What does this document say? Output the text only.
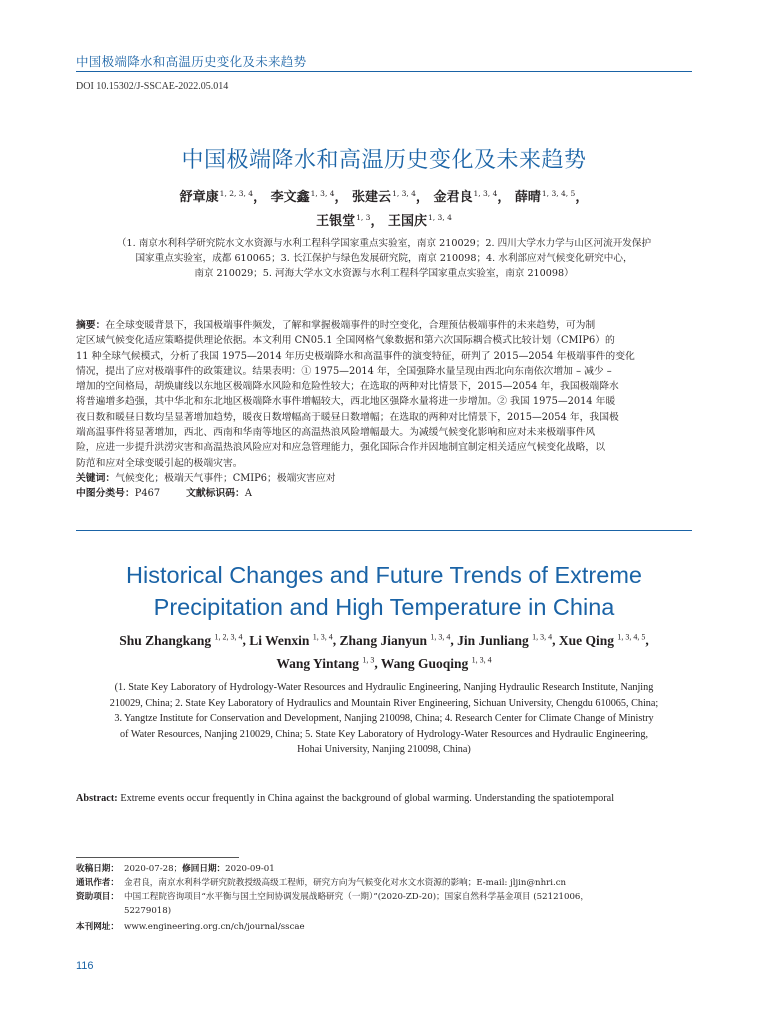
中国极端降水和高温历史变化及未来趋势
DOI 10.15302/J-SSCAE-2022.05.014
中国极端降水和高温历史变化及未来趋势
舒章康$^{1, 2, 3, 4}$， 李文鑫$^{1, 3, 4}$， 张建云$^{1, 3, 4}$， 金君良$^{1, 3, 4}$， 薛晴$^{1, 3, 4, 5}$，
王银堂$^{1, 3}$， 王国庆$^{1, 3, 4}$
（1. 南京水利科学研究院水文水资源与水利工程科学国家重点实验室，南京 210029；2. 四川大学水力学与山区河流开发保护
国家重点实验室，成都 610065；3. 长江保护与绿色发展研究院，南京 210098；4. 水利部应对气候变化研究中心，
南京 210029；5. 河海大学水文水资源与水利工程科学国家重点实验室，南京 210098）
摘要：在全球变暖背景下，我国极端事件频发，了解和掌握极端事件的时空变化，合理预估极端事件的未来趋势，可为制
定区域气候变化适应策略提供理论依据。本文利用 CN05.1 全国网格气象数据和第六次国际耦合模式比较计划（CMIP6）的
11 种全球气候模式，分析了我国 1975—2014 年历史极端降水和高温事件的演变特征，研判了 2015—2054 年极端事件的变化
情况，提出了应对极端事件的政策建议。结果表明：① 1975—2014 年，全国强降水量呈现由西北向东南依次增加 – 减少 –
增加的空间格局，胡焕庸线以东地区极端降水风险和危险性较大；在选取的两种对比情景下，2015—2054 年，我国极端降水
将普遍增多趋强，其中华北和东北地区极端降水事件增幅较大，西北地区强降水量将进一步增加。② 我国 1975—2014 年暖
夜日数和暖昼日数均呈显著增加趋势，暖夜日数增幅高于暖昼日数增幅；在选取的两种对比情景下，2015—2054 年，我国极
端高温事件将显著增加，西北、西南和华南等地区的高温热浪风险增幅最大。为减缓气候变化影响和应对未来极端事件风
险，应进一步提升洪涝灾害和高温热浪风险应对和应急管理能力，强化国际合作并因地制宜制定相关适应气候变化战略，以
防范和应对全球变暖引起的极端灾害。
关键词：气候变化；极端天气事件；CMIP6；极端灾害应对
中图分类号：P467	文献标识码：A
Historical Changes and Future Trends of Extreme
Precipitation and High Temperature in China
Shu Zhangkang $^{1, 2, 3, 4}$, Li Wenxin $^{1, 3, 4}$, Zhang Jianyun $^{1, 3, 4}$, Jin Junliang $^{1, 3, 4}$, Xue Qing $^{1, 3, 4, 5}$,
Wang Yintang $^{1, 3}$, Wang Guoqing $^{1, 3, 4}$
(1. State Key Laboratory of Hydrology-Water Resources and Hydraulic Engineering, Nanjing Hydraulic Research Institute, Nanjing
210029, China; 2. State Key Laboratory of Hydraulics and Mountain River Engineering, Sichuan University, Chengdu 610065, China;
3. Yangtze Institute for Conservation and Development, Nanjing 210098, China; 4. Research Center for Climate Change of Ministry
of Water Resources, Nanjing 210029, China; 5. State Key Laboratory of Hydrology-Water Resources and Hydraulic Engineering,
Hohai University, Nanjing 210098, China)
Abstract: Extreme events occur frequently in China against the background of global warming. Understanding the spatiotemporal
收稿日期： 2020-07-28；修回日期：2020-09-01
通讯作者： 金君良，南京水利科学研究院教授级高级工程师，研究方向为气候变化对水文水资源的影响；E-mail: jljin@nhri.cn
资助项目： 中国工程院咨询项目“水平衡与国土空间协调发展战略研究（一期）”(2020-ZD-20)；国家自然科学基金项目 (52121006，
52279018)
本刊网址： www.engineering.org.cn/ch/journal/sscae
116
